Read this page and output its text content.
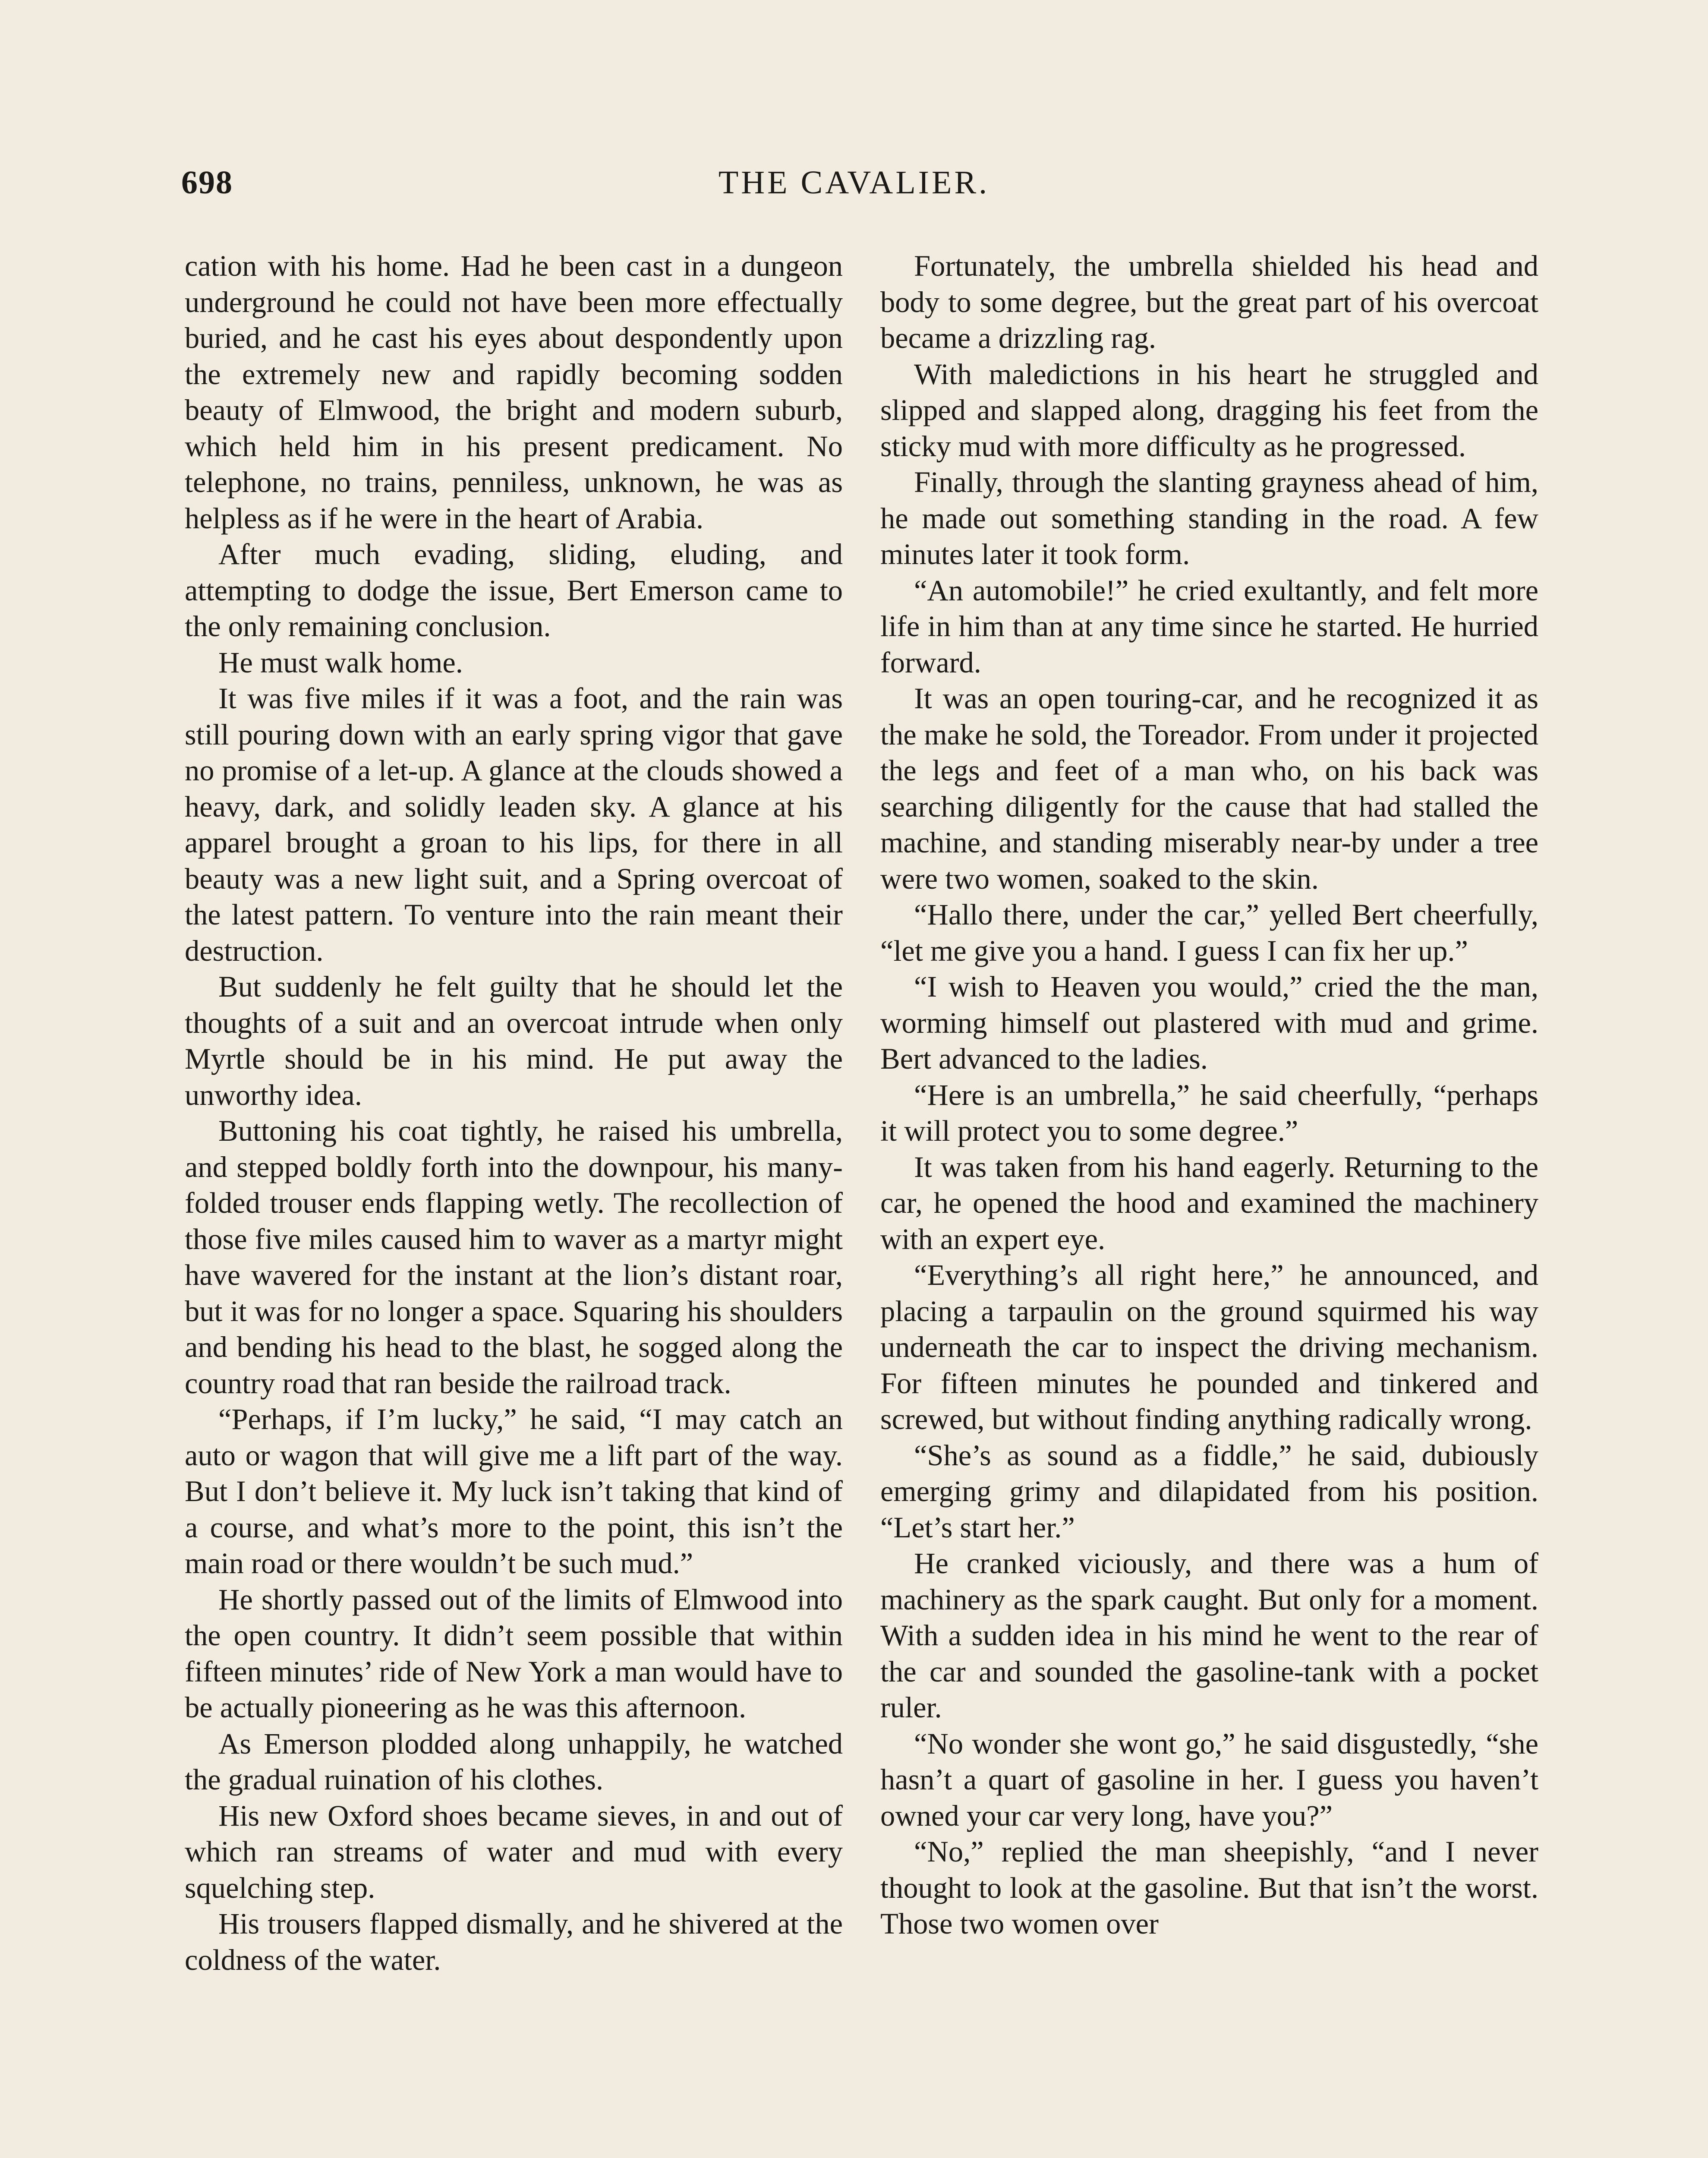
698	THE CAVALIER.

cation with his home. Had he been cast in a dungeon underground he could not have been more effectually buried, and he cast his eyes about despondently upon the extremely new and rapidly becoming sodden beauty of Elmwood, the bright and modern suburb, which held him in his present predicament. No telephone, no trains, penniless, unknown, he was as helpless as if he were in the heart of Arabia.

After much evading, sliding, eluding, and attempting to dodge the issue, Bert Emerson came to the only remaining conclusion.

He must walk home.

It was five miles if it was a foot, and the rain was still pouring down with an early spring vigor that gave no promise of a let-up. A glance at the clouds showed a heavy, dark, and solidly leaden sky. A glance at his apparel brought a groan to his lips, for there in all beauty was a new light suit, and a Spring overcoat of the latest pattern. To venture into the rain meant their destruction.

But suddenly he felt guilty that he should let the thoughts of a suit and an overcoat intrude when only Myrtle should be in his mind. He put away the unworthy idea.

Buttoning his coat tightly, he raised his umbrella, and stepped boldly forth into the downpour, his many-folded trouser ends flapping wetly. The recollection of those five miles caused him to waver as a martyr might have wavered for the instant at the lion’s distant roar, but it was for no longer a space. Squaring his shoulders and bending his head to the blast, he sogged along the country road that ran beside the railroad track.

“Perhaps, if I’m lucky,” he said, “I may catch an auto or wagon that will give me a lift part of the way. But I don’t believe it. My luck isn’t taking that kind of a course, and what’s more to the point, this isn’t the main road or there wouldn’t be such mud.”

He shortly passed out of the limits of Elmwood into the open country. It didn’t seem possible that within fifteen minutes’ ride of New York a man would have to be actually pioneering as he was this afternoon.

As Emerson plodded along unhappily, he watched the gradual ruination of his clothes.

His new Oxford shoes became sieves, in and out of which ran streams of water and mud with every squelching step.

His trousers flapped dismally, and he shivered at the coldness of the water.

Fortunately, the umbrella shielded his head and body to some degree, but the great part of his overcoat became a drizzling rag.

With maledictions in his heart he struggled and slipped and slapped along, dragging his feet from the sticky mud with more difficulty as he progressed.

Finally, through the slanting grayness ahead of him, he made out something standing in the road. A few minutes later it took form.

“An automobile!” he cried exultantly, and felt more life in him than at any time since he started. He hurried forward.

It was an open touring-car, and he recognized it as the make he sold, the Toreador. From under it projected the legs and feet of a man who, on his back was searching diligently for the cause that had stalled the machine, and standing miserably near-by under a tree were two women, soaked to the skin.

“Hallo there, under the car,” yelled Bert cheerfully, “let me give you a hand. I guess I can fix her up.”

“I wish to Heaven you would,” cried the the man, worming himself out plastered with mud and grime. Bert advanced to the ladies.

“Here is an umbrella,” he said cheerfully, “perhaps it will protect you to some degree.”

It was taken from his hand eagerly. Returning to the car, he opened the hood and examined the machinery with an expert eye.

“Everything’s all right here,” he announced, and placing a tarpaulin on the ground squirmed his way underneath the car to inspect the driving mechanism. For fifteen minutes he pounded and tinkered and screwed, but without finding anything radically wrong.

“She’s as sound as a fiddle,” he said, dubiously emerging grimy and dilapidated from his position. “Let’s start her.”

He cranked viciously, and there was a hum of machinery as the spark caught. But only for a moment. With a sudden idea in his mind he went to the rear of the car and sounded the gasoline-tank with a pocket ruler.

“No wonder she wont go,” he said disgustedly, “she hasn’t a quart of gasoline in her. I guess you haven’t owned your car very long, have you?”

“No,” replied the man sheepishly, “and I never thought to look at the gasoline. But that isn’t the worst. Those two women over
